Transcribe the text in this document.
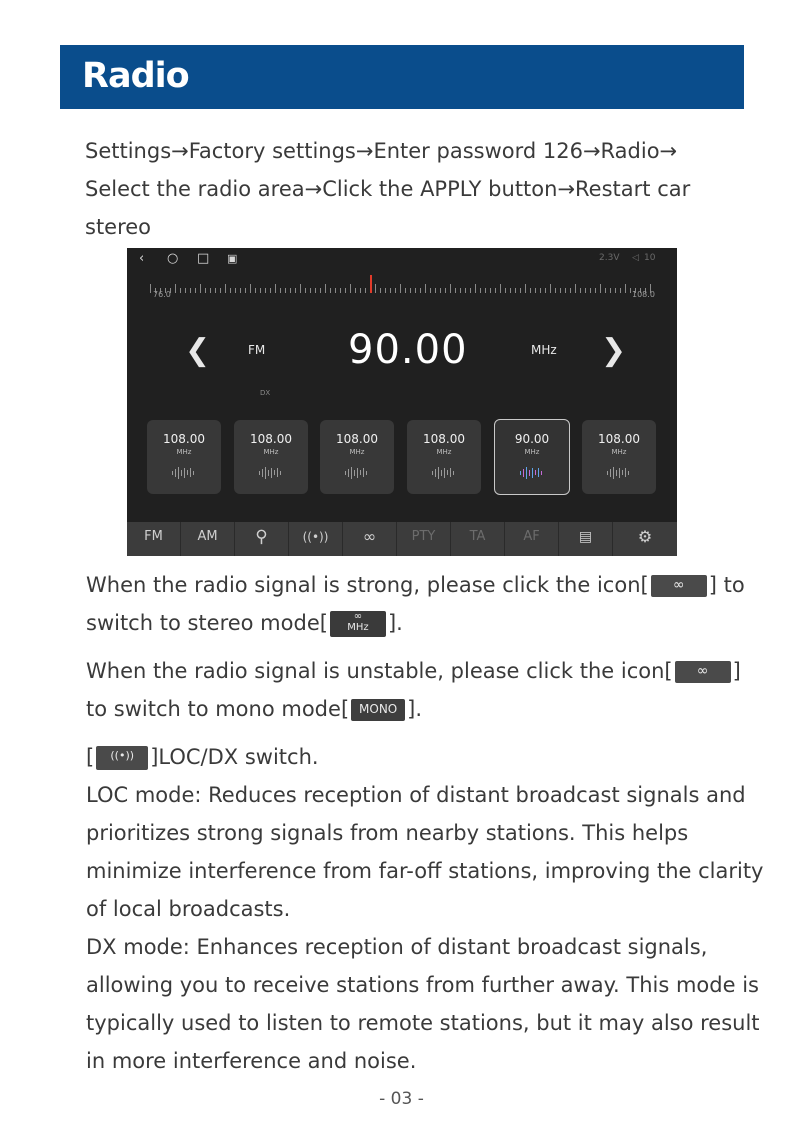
Radio
Settings→Factory settings→Enter password 126→Radio→ Select the radio area→Click the APPLY button→Restart car stereo
‹ ○ □ ▣	2.3V ◁ 10
76.0	108.0
❮	FM 90.00	MHz ❯
DX
108.00
MHz
108.00
MHz
108.00
MHz
108.00
MHz
90.00
MHz
108.00
MHz
FM	AM	⚲	((•))	∞	PTY	TA	AF	▤	⚙
When the radio signal is strong, please click the icon[ ∞ ] to switch to stereo mode[	∞
MHz ].
When the radio signal is unstable, please click the icon[ ∞ ] to switch to mono mode[ MONO ].
[ ((•)) ]LOC/DX switch.
LOC mode: Reduces reception of distant broadcast signals and prioritizes strong signals from nearby stations. This helps minimize interference from far-off stations, improving the clarity of local broadcasts.
DX mode: Enhances reception of distant broadcast signals, allowing you to receive stations from further away. This mode is typically used to listen to remote stations, but it may also result in more interference and noise.
- 03 -
